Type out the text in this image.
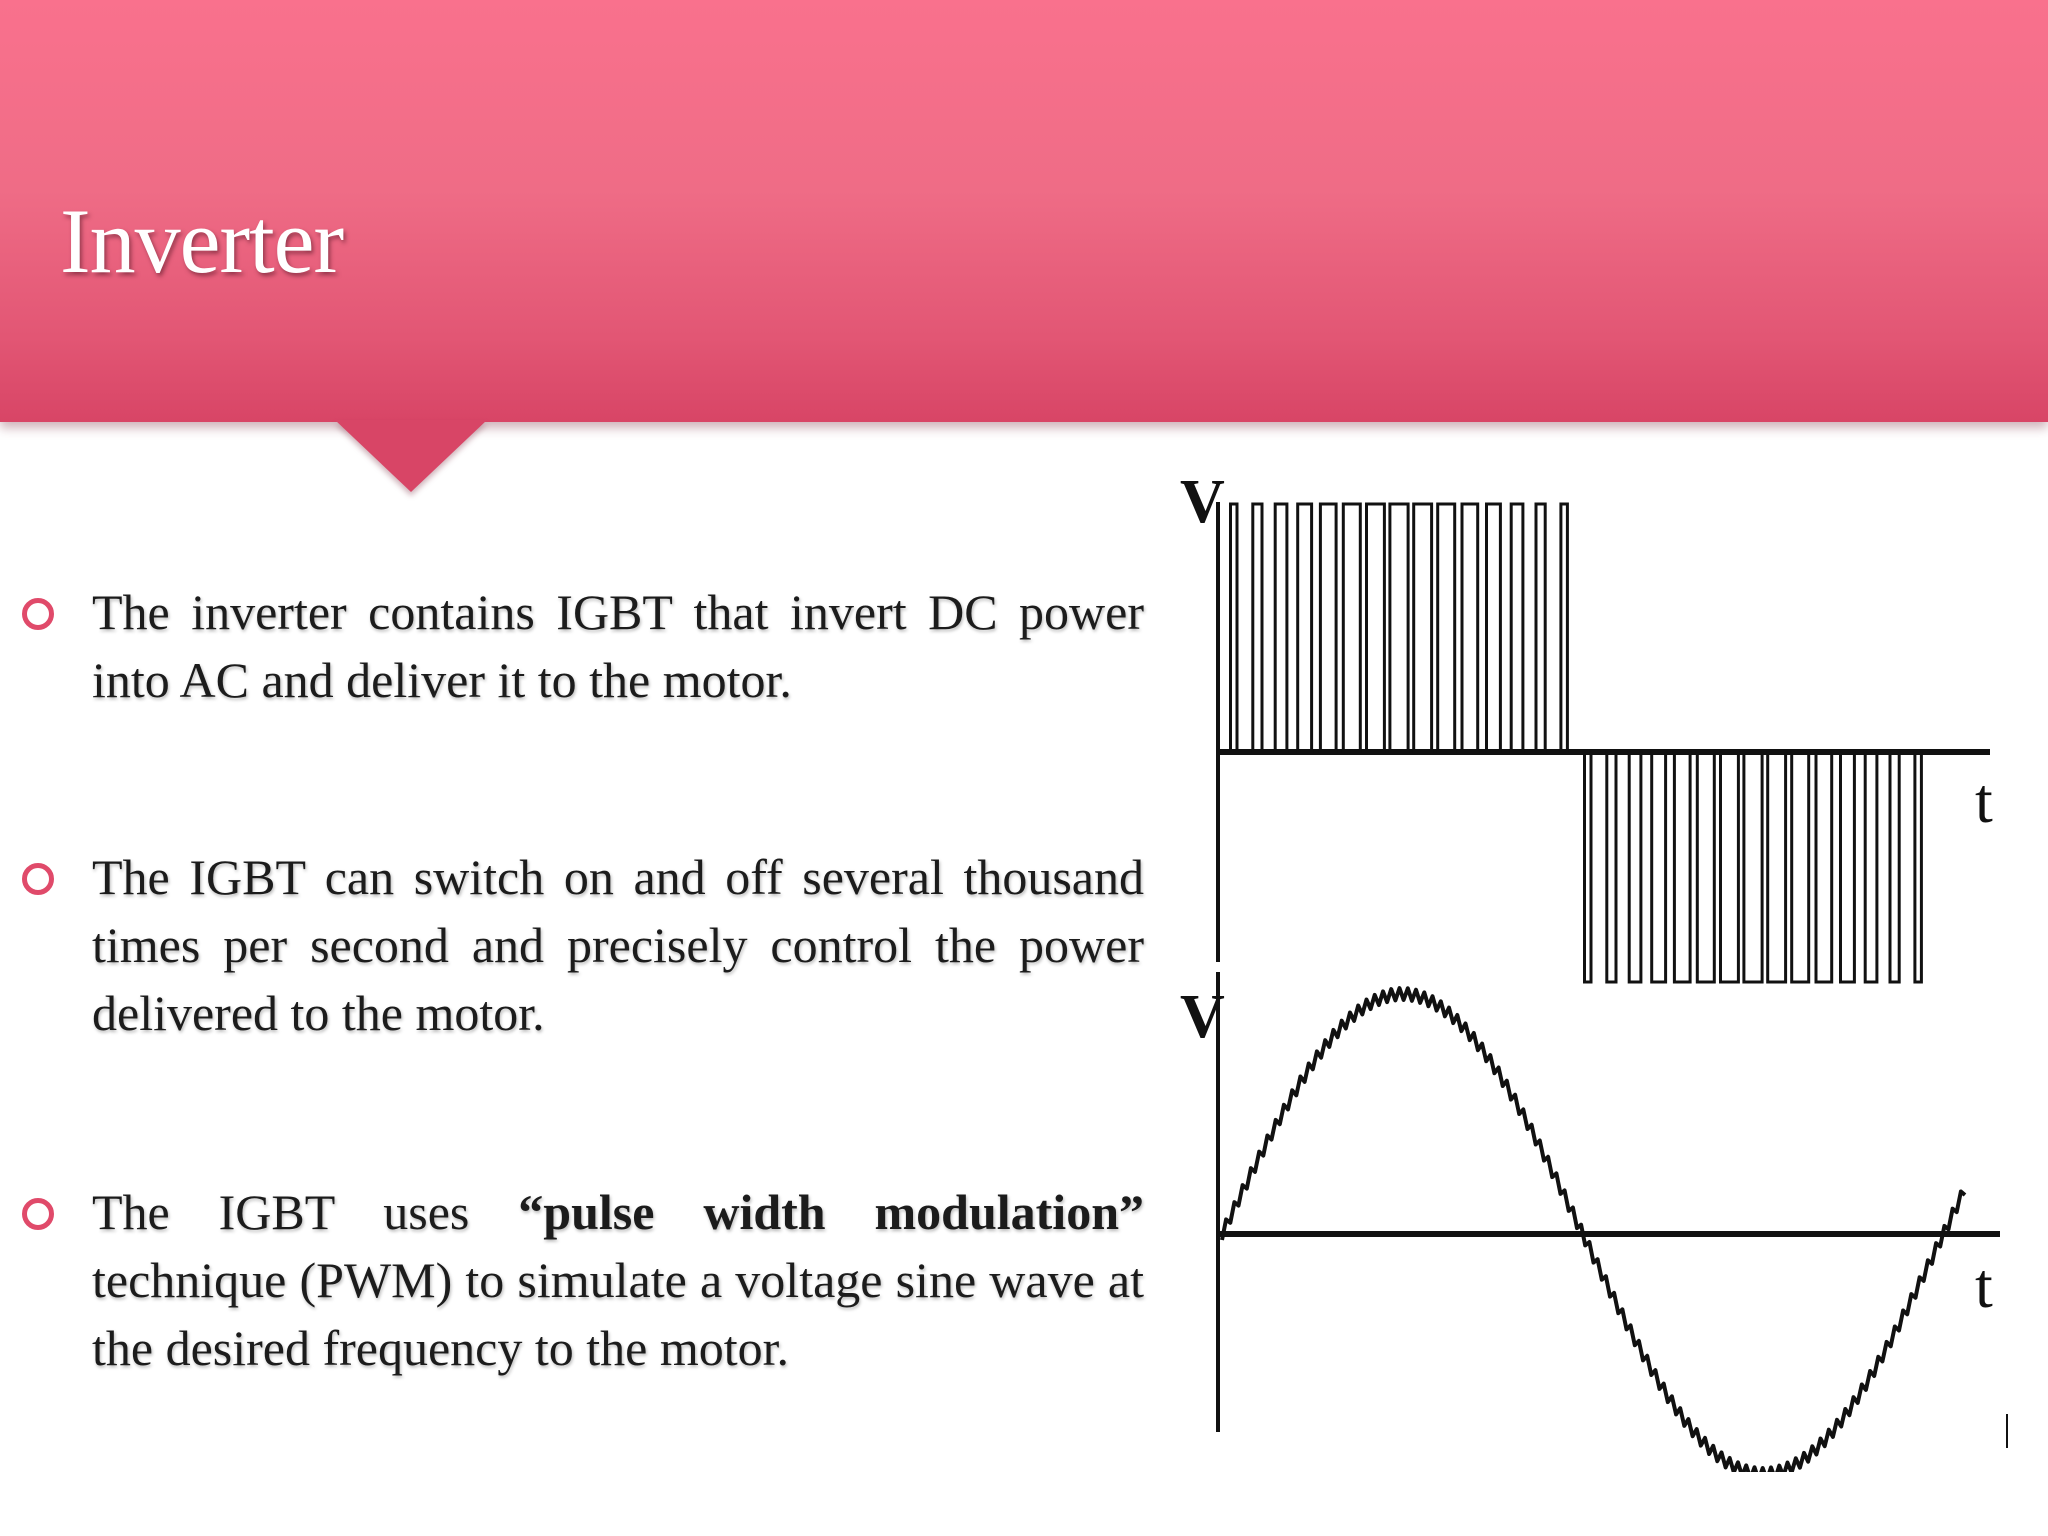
Inverter

The inverter contains IGBT that invert DC power into AC and deliver it to the motor.

The IGBT can switch on and off several thousand times per second and precisely control the power delivered to the motor.

The IGBT uses “pulse width modulation” technique (PWM) to simulate a voltage sine wave at the desired frequency to the motor.

V
t
V
t
